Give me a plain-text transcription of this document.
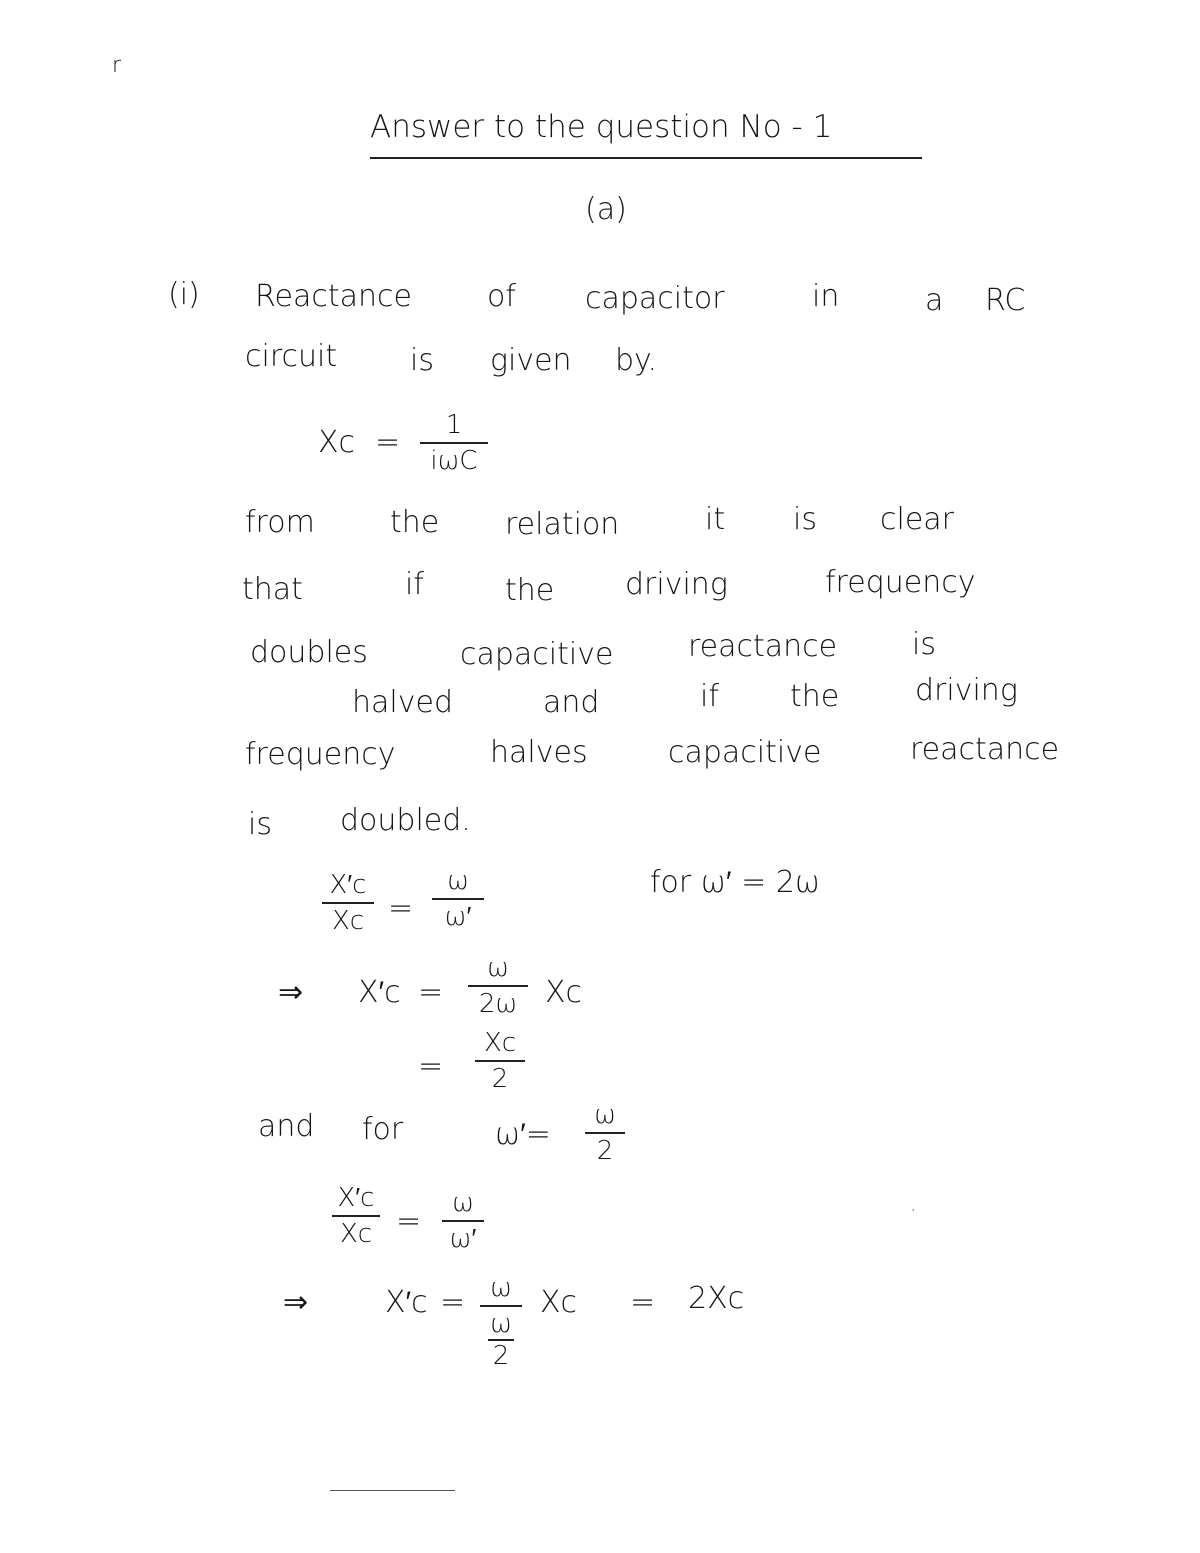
r
Answer to the question No - 1
(a)
(i) Reactance	of capacitor	in	a RC
circuit is given by.
Xc = 1
iωC
from	the relation	it is clear
that	if	the driving	frequency
doubles	capacitive reactance is
halved	and	if the	driving
frequency	halves	capacitive	reactance
is doubled.
for ω′ = 2ω
X′c
Xc =
ω
ω′
⇒ X′c =
ω
2ω Xc
=
Xc
2
and for	ω′=
ω
2
X′c
Xc =
ω
ω′
⇒	X′c = ω
ω
2
Xc = 2Xc
·
